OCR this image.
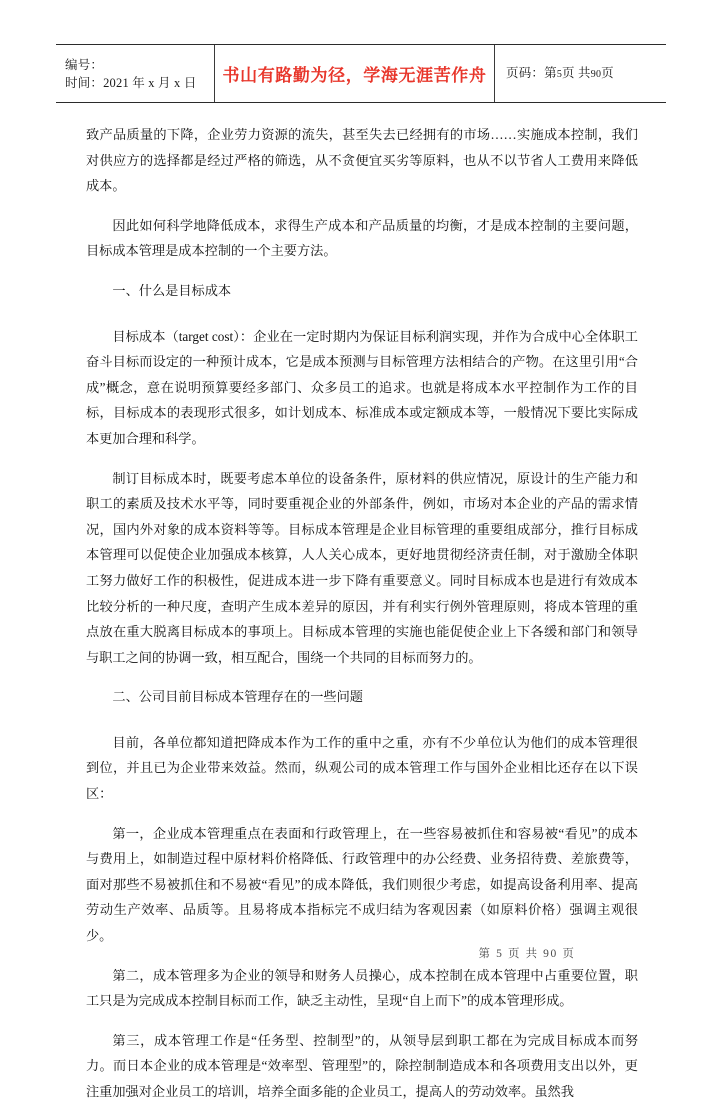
编号：
时间：2021 年 x 月 x 日	书山有路勤为径，学海无涯苦作舟 页码：第5页 共90页

致产品质量的下降，企业劳力资源的流失，甚至失去已经拥有的市场……实施成本控制，我们对供应方的选择都是经过严格的筛选，从不贪便宜买劣等原料，也从不以节省人工费用来降低成本。

因此如何科学地降低成本，求得生产成本和产品质量的均衡，才是成本控制的主要问题，目标成本管理是成本控制的一个主要方法。

一、什么是目标成本

目标成本（target cost）：企业在一定时期内为保证目标利润实现，并作为合成中心全体职工奋斗目标而设定的一种预计成本，它是成本预测与目标管理方法相结合的产物。在这里引用“合成”概念，意在说明预算要经多部门、众多员工的追求。也就是将成本水平控制作为工作的目标，目标成本的表现形式很多，如计划成本、标准成本或定额成本等，一般情况下要比实际成本更加合理和科学。

制订目标成本时，既要考虑本单位的设备条件，原材料的供应情况，原设计的生产能力和职工的素质及技术水平等，同时要重视企业的外部条件，例如，市场对本企业的产品的需求情况，国内外对象的成本资料等等。目标成本管理是企业目标管理的重要组成部分，推行目标成本管理可以促使企业加强成本核算，人人关心成本，更好地贯彻经济责任制，对于激励全体职工努力做好工作的积极性，促进成本进一步下降有重要意义。同时目标成本也是进行有效成本比较分析的一种尺度，查明产生成本差异的原因，并有利实行例外管理原则，将成本管理的重点放在重大脱离目标成本的事项上。目标成本管理的实施也能促使企业上下各缓和部门和领导与职工之间的协调一致，相互配合，围绕一个共同的目标而努力的。

二、公司目前目标成本管理存在的一些问题

目前，各单位都知道把降成本作为工作的重中之重，亦有不少单位认为他们的成本管理很到位，并且已为企业带来效益。然而，纵观公司的成本管理工作与国外企业相比还存在以下误区：

第一，企业成本管理重点在表面和行政管理上，在一些容易被抓住和容易被“看见”的成本与费用上，如制造过程中原材料价格降低、行政管理中的办公经费、业务招待费、差旅费等，面对那些不易被抓住和不易被“看见”的成本降低，我们则很少考虑，如提高设备利用率、提高劳动生产效率、品质等。且易将成本指标完不成归结为客观因素（如原料价格）强调主观很少。

第二，成本管理多为企业的领导和财务人员操心，成本控制在成本管理中占重要位置，职工只是为完成成本控制目标而工作，缺乏主动性，呈现“自上而下”的成本管理形成。

第三，成本管理工作是“任务型、控制型”的，从领导层到职工都在为完成目标成本而努力。而日本企业的成本管理是“效率型、管理型”的，除控制制造成本和各项费用支出以外，更注重加强对企业员工的培训，培养全面多能的企业员工，提高人的劳动效率。虽然我

第 5 页 共 90 页
